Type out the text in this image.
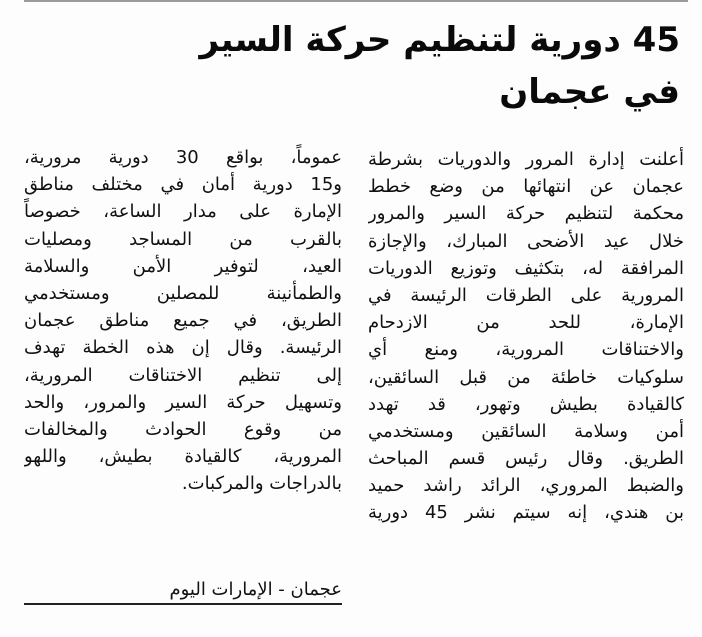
45 دورية لتنظيم حركة السير
في عجمان
أعلنت إدارة المرور والدوريات بشرطة
عجمان عن انتهائها من وضع خطط
محكمة لتنظيم حركة السير والمرور
خلال عيد الأضحى المبارك، والإجازة
المرافقة له، بتكثيف وتوزيع الدوريات
المرورية على الطرقات الرئيسة في
الإمارة، للحد من الازدحام
والاختناقات المرورية، ومنع أي
سلوكيات خاطئة من قبل السائقين،
كالقيادة بطيش وتهور، قد تهدد
أمن وسلامة السائقين ومستخدمي
الطريق. وقال رئيس قسم المباحث
والضبط المروري، الرائد راشد حميد
بن هندي، إنه سيتم نشر 45 دورية
عموماً، بواقع 30 دورية مرورية،
و15 دورية أمان في مختلف مناطق
الإمارة على مدار الساعة، خصوصاً
بالقرب من المساجد ومصليات
العيد، لتوفير الأمن والسلامة
والطمأنينة للمصلين ومستخدمي
الطريق، في جميع مناطق عجمان
الرئيسة. وقال إن هذه الخطة تهدف
إلى تنظيم الاختناقات المرورية،
وتسهيل حركة السير والمرور، والحد
من وقوع الحوادث والمخالفات
المرورية، كالقيادة بطيش، واللهو
بالدراجات والمركبات.
عجمان - الإمارات اليوم
